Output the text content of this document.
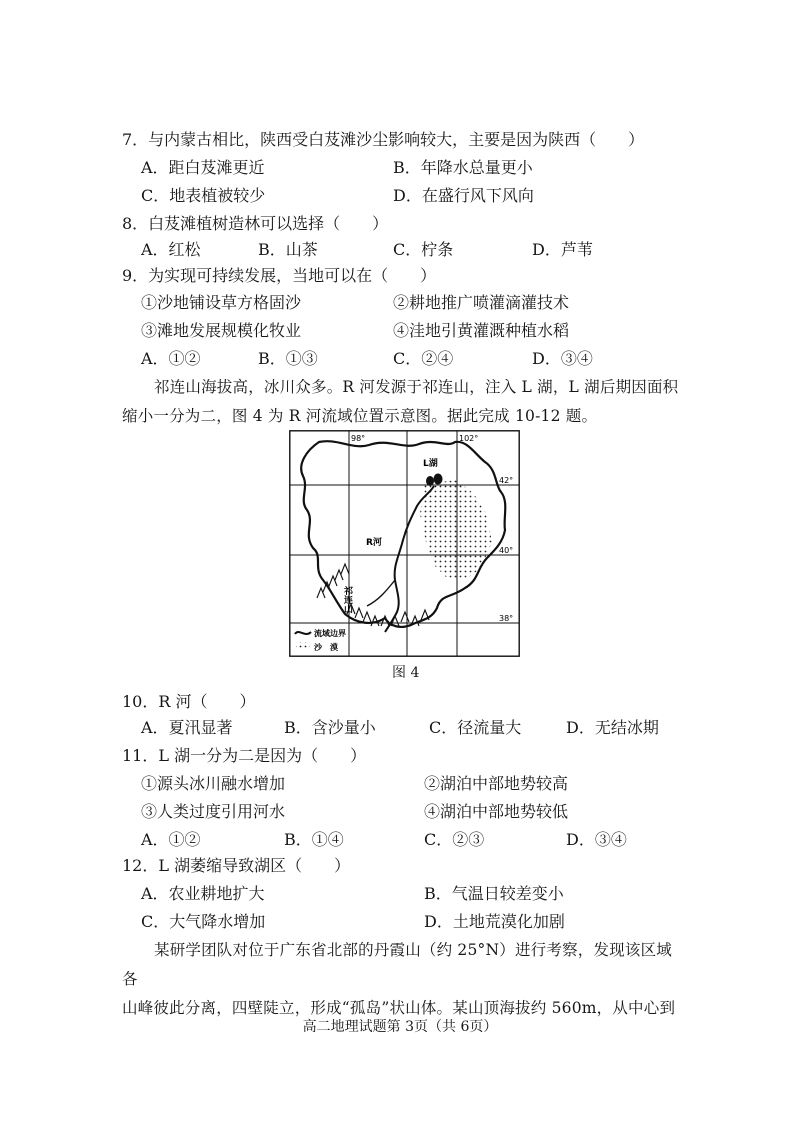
7．与内蒙古相比，陕西受白芨滩沙尘影响较大，主要是因为陕西（　　）
A．距白芨滩更近	B．年降水总量更小
C．地表植被较少	D．在盛行风下风向
8．白芨滩植树造林可以选择（　　）
A．红松	B．山茶	C．柠条	D．芦苇
9．为实现可持续发展，当地可以在（　　）
①沙地铺设草方格固沙	②耕地推广喷灌滴灌技术
③滩地发展规模化牧业	④洼地引黄灌溉种植水稻
A．①②	B．①③	C．②④	D．③④

祁连山海拔高，冰川众多。R 河发源于祁连山，注入 L 湖，L 湖后期因面积

缩小一分为二，图 4 为 R 河流域位置示意图。据此完成 10-12 题。
L湖
R河
祁连山
98°	102°
42°
40°
38°
流域边界
沙　漠
图 4
10．R 河（　　）
A．夏汛显著	B．含沙量小	C．径流量大	D．无结冰期
11．L 湖一分为二是因为（　　）
①源头冰川融水增加	②湖泊中部地势较高
③人类过度引用河水	④湖泊中部地势较低
A．①②	B．①④	C．②③	D．③④
12．L 湖萎缩导致湖区（　　）
A．农业耕地扩大	B．气温日较差变小
C．大气降水增加	D．土地荒漠化加剧

某研学团队对位于广东省北部的丹霞山（约 25°N）进行考察，发现该区域各

山峰彼此分离，四壁陡立，形成“孤岛”状山体。某山顶海拔约 560m，从中心到
高二地理试题第 3页（共 6页）
